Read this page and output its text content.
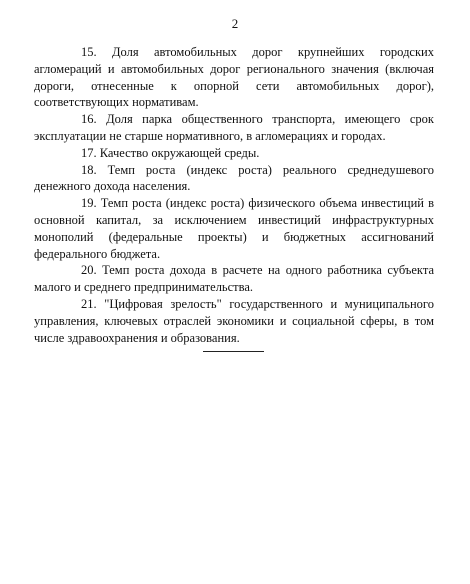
2

15. Доля автомобильных дорог крупнейших городских агломераций и автомобильных дорог регионального значения (включая дороги, отнесенные к опорной сети автомобильных дорог), соответствующих нормативам.

16. Доля парка общественного транспорта, имеющего срок эксплуатации не старше нормативного, в агломерациях и городах.

17. Качество окружающей среды.

18. Темп роста (индекс роста) реального среднедушевого денежного дохода населения.

19. Темп роста (индекс роста) физического объема инвестиций в основной капитал, за исключением инвестиций инфраструктурных монополий (федеральные проекты) и бюджетных ассигнований федерального бюджета.

20. Темп роста дохода в расчете на одного работника субъекта малого и среднего предпринимательства.

21. "Цифровая зрелость" государственного и муниципального управления, ключевых отраслей экономики и социальной сферы, в том числе здравоохранения и образования.
